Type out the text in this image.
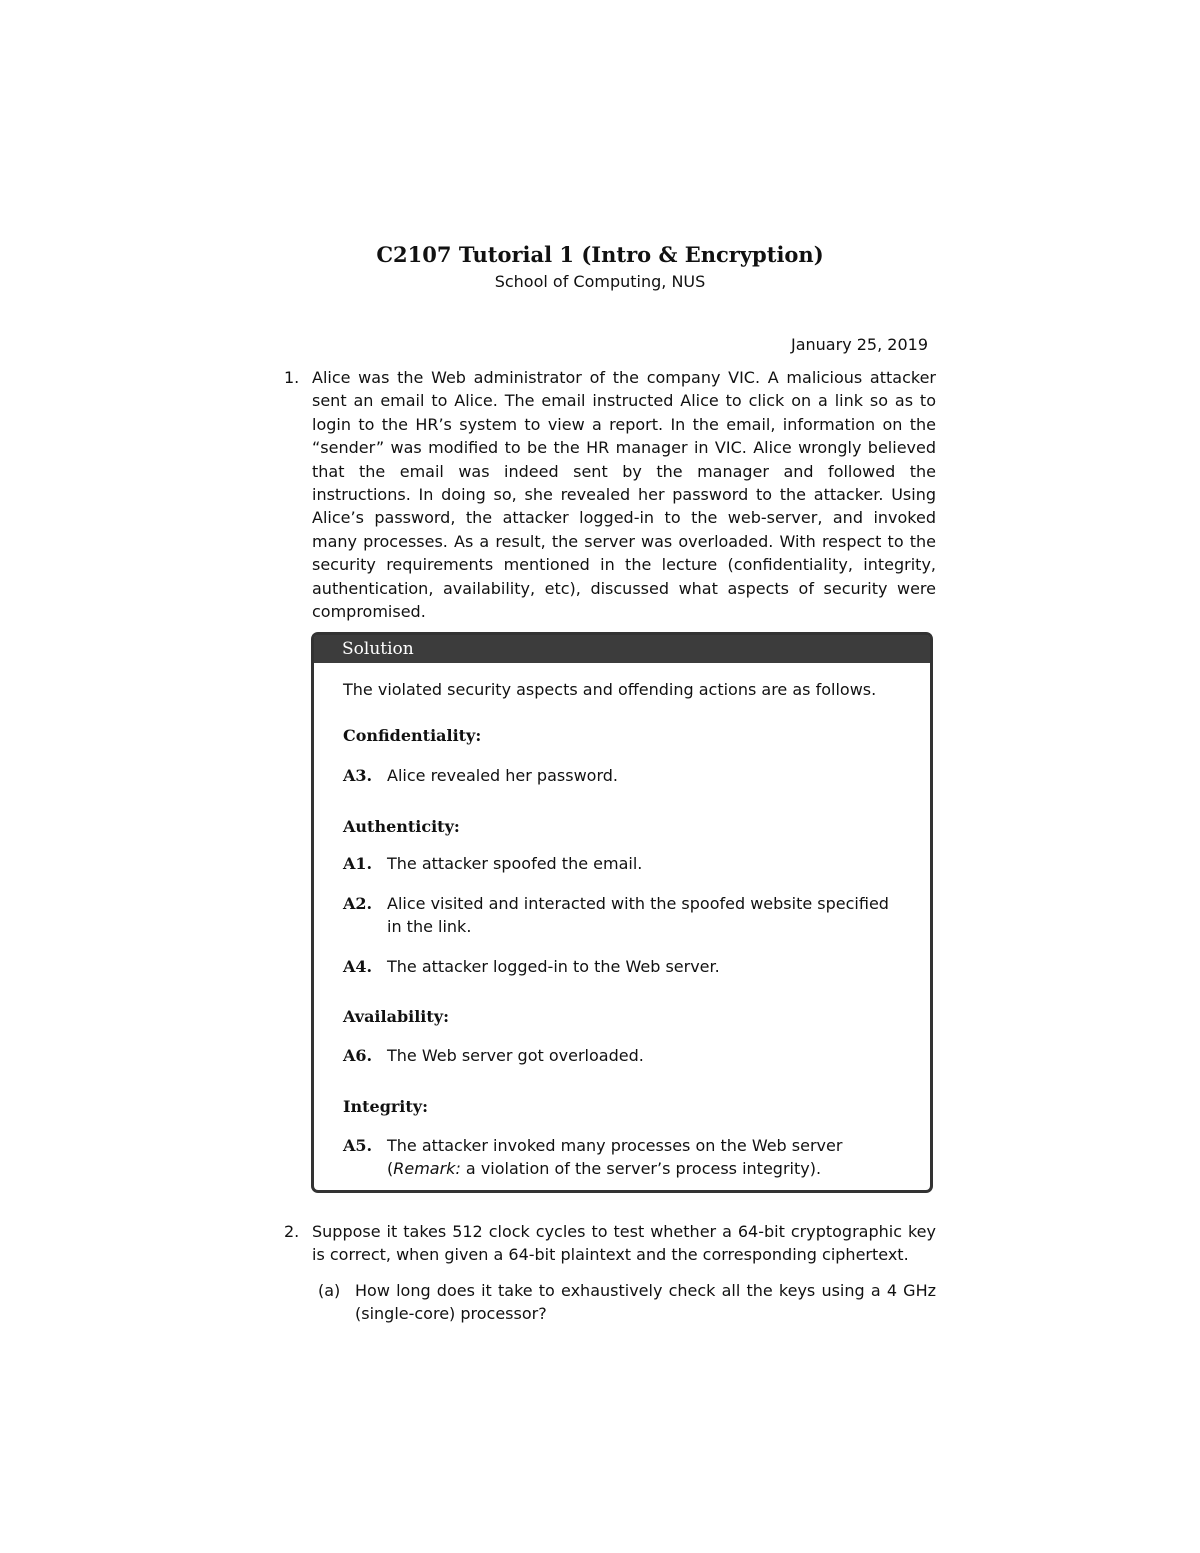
C2107 Tutorial 1 (Intro & Encryption)
School of Computing, NUS
January 25, 2019
1. Alice was the Web administrator of the company VIC. A malicious attacker sent an email to Alice. The email instructed Alice to click on a link so as to login to the HR’s system to view a report. In the email, information on the “sender” was modified to be the HR manager in VIC. Alice wrongly believed that the email was indeed sent by the manager and followed the instructions. In doing so, she revealed her password to the attacker. Using Alice’s password, the attacker logged-in to the web-server, and invoked many processes. As a result, the server was overloaded. With respect to the security requirements mentioned in the lecture (confidentiality, integrity, authentication, availability, etc), discussed what aspects of security were compromised.
Solution
The violated security aspects and offending actions are as follows.
Confidentiality:
A3. Alice revealed her password.
Authenticity:
A1. The attacker spoofed the email.
A2. Alice visited and interacted with the spoofed website specified in the link.
A4. The attacker logged-in to the Web server.
Availability:
A6. The Web server got overloaded.
Integrity:
A5. The attacker invoked many processes on the Web server (Remark: a violation of the server’s process integrity).
2. Suppose it takes 512 clock cycles to test whether a 64-bit cryptographic key is correct, when given a 64-bit plaintext and the corresponding ciphertext.
(a) How long does it take to exhaustively check all the keys using a 4 GHz (single-core) processor?
